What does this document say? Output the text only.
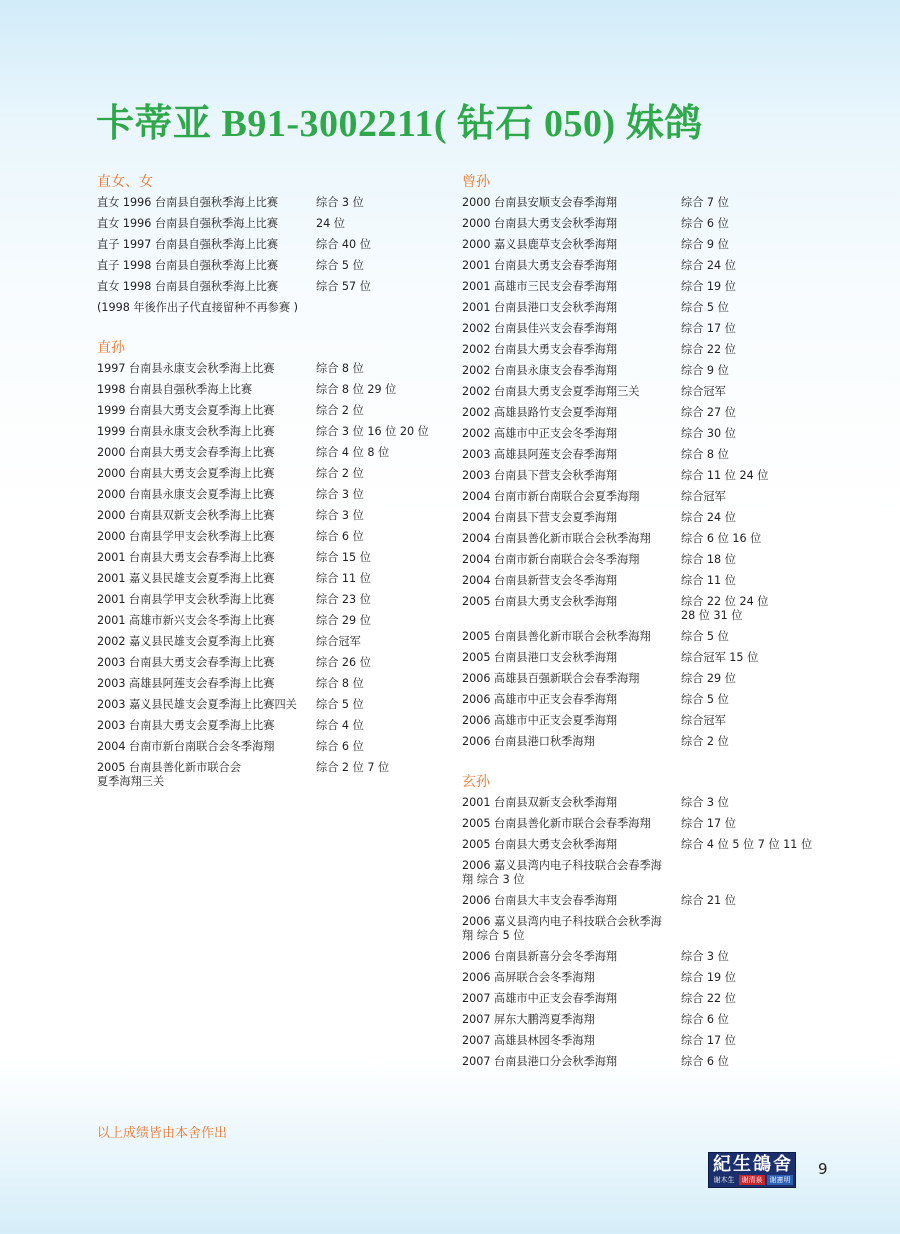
卡蒂亚 B91-3002211( 钻石 050) 妹鸽
直女、女
直女 1996 台南县自强秋季海上比赛	综合 3 位
直女 1996 台南县自强秋季海上比赛	24 位
直子 1997 台南县自强秋季海上比赛	综合 40 位
直子 1998 台南县自强秋季海上比赛	综合 5 位
直女 1998 台南县自强秋季海上比赛	综合 57 位
(1998 年後作出子代直接留种不再参赛 )
直孙
1997 台南县永康支会秋季海上比赛	综合 8 位
1998 台南县自强秋季海上比赛	综合 8 位 29 位
1999 台南县大勇支会夏季海上比赛	综合 2 位
1999 台南县永康支会秋季海上比赛	综合 3 位 16 位 20 位
2000 台南县大勇支会春季海上比赛	综合 4 位 8 位
2000 台南县大勇支会夏季海上比赛	综合 2 位
2000 台南县永康支会夏季海上比赛	综合 3 位
2000 台南县双新支会秋季海上比赛	综合 3 位
2000 台南县学甲支会秋季海上比赛	综合 6 位
2001 台南县大勇支会春季海上比赛	综合 15 位
2001 嘉义县民雄支会夏季海上比赛	综合 11 位
2001 台南县学甲支会秋季海上比赛	综合 23 位
2001 高雄市新兴支会冬季海上比赛	综合 29 位
2002 嘉义县民雄支会夏季海上比赛	综合冠军
2003 台南县大勇支会春季海上比赛	综合 26 位
2003 高雄县阿莲支会春季海上比赛	综合 8 位
2003 嘉义县民雄支会夏季海上比赛四关	综合 5 位
2003 台南县大勇支会夏季海上比赛	综合 4 位
2004 台南市新台南联合会冬季海翔	综合 6 位
2005 台南县善化新市联合会
夏季海翔三关
综合 2 位 7 位
曾孙
2000 台南县安顺支会春季海翔	综合 7 位
2000 台南县大勇支会秋季海翔	综合 6 位
2000 嘉义县鹿草支会秋季海翔	综合 9 位
2001 台南县大勇支会春季海翔	综合 24 位
2001 高雄市三民支会春季海翔	综合 19 位
2001 台南县港口支会秋季海翔	综合 5 位
2002 台南县佳兴支会春季海翔	综合 17 位
2002 台南县大勇支会春季海翔	综合 22 位
2002 台南县永康支会春季海翔	综合 9 位
2002 台南县大勇支会夏季海翔三关	综合冠军
2002 高雄县路竹支会夏季海翔	综合 27 位
2002 高雄市中正支会冬季海翔	综合 30 位
2003 高雄县阿莲支会春季海翔	综合 8 位
2003 台南县下营支会秋季海翔	综合 11 位 24 位
2004 台南市新台南联合会夏季海翔	综合冠军
2004 台南县下营支会夏季海翔	综合 24 位
2004 台南县善化新市联合会秋季海翔	综合 6 位 16 位
2004 台南市新台南联合会冬季海翔	综合 18 位
2004 台南县新营支会冬季海翔	综合 11 位
2005 台南县大勇支会秋季海翔	综合 22 位 24 位
28 位 31 位
2005 台南县善化新市联合会秋季海翔	综合 5 位
2005 台南县港口支会秋季海翔	综合冠军 15 位
2006 高雄县百强新联合会春季海翔	综合 29 位
2006 高雄市中正支会春季海翔	综合 5 位
2006 高雄市中正支会夏季海翔	综合冠军
2006 台南县港口秋季海翔	综合 2 位
玄孙
2001 台南县双新支会秋季海翔	综合 3 位
2005 台南县善化新市联合会春季海翔	综合 17 位
2005 台南县大勇支会秋季海翔	综合 4 位 5 位 7 位 11 位
2006 嘉义县湾内电子科技联合会春季海
翔 综合 3 位
2006 台南县大丰支会春季海翔	综合 21 位
2006 嘉义县湾内电子科技联合会秋季海
翔 综合 5 位
2006 台南县新喜分会冬季海翔	综合 3 位
2006 高屏联合会冬季海翔	综合 19 位
2007 高雄市中正支会春季海翔	综合 22 位
2007 屏东大鹏湾夏季海翔	综合 6 位
2007 高雄县林园冬季海翔	综合 17 位
2007 台南县港口分会秋季海翔	综合 6 位
以上成绩皆由本舍作出
紀生鴿舍
谢木生	谢清泉	谢憲明
9
